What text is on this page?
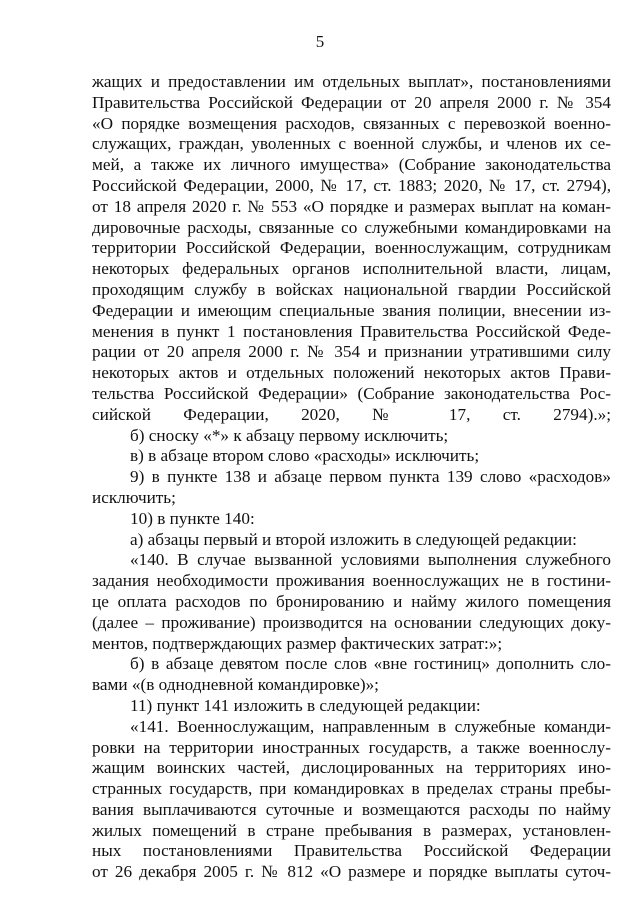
5

жащих и предоставлении им отдельных выплат», постановлениями
Правительства Российской Федерации от 20 апреля 2000 г. № 354
«О порядке возмещения расходов, связанных с перевозкой военно-
служащих, граждан, уволенных с военной службы, и членов их се-
мей, а также их личного имущества» (Собрание законодательства
Российской Федерации, 2000, № 17, ст. 1883; 2020, № 17, ст. 2794),
от 18 апреля 2020 г. № 553 «О порядке и размерах выплат на коман-
дировочные расходы, связанные со служебными командировками на
территории Российской Федерации, военнослужащим, сотрудникам
некоторых федеральных органов исполнительной власти, лицам,
проходящим службу в войсках национальной гвардии Российской
Федерации и имеющим специальные звания полиции, внесении из-
менения в пункт 1 постановления Правительства Российской Феде-
рации от 20 апреля 2000 г. № 354 и признании утратившими силу
некоторых актов и отдельных положений некоторых актов Прави-
тельства Российской Федерации» (Собрание законодательства Рос-
сийской Федерации, 2020, № 17, ст. 2794).»;

б) сноску «*» к абзацу первому исключить;

в) в абзаце втором слово «расходы» исключить;

9) в пункте 138 и абзаце первом пункта 139 слово «расходов»
исключить;

10) в пункте 140:

а) абзацы первый и второй изложить в следующей редакции:

«140. В случае вызванной условиями выполнения служебного
задания необходимости проживания военнослужащих не в гостини-
це оплата расходов по бронированию и найму жилого помещения
(далее – проживание) производится на основании следующих доку-
ментов, подтверждающих размер фактических затрат:»;

б) в абзаце девятом после слов «вне гостиниц» дополнить сло-
вами «(в однодневной командировке)»;

11) пункт 141 изложить в следующей редакции:

«141. Военнослужащим, направленным в служебные команди-
ровки на территории иностранных государств, а также военнослу-
жащим воинских частей, дислоцированных на территориях ино-
странных государств, при командировках в пределах страны пребы-
вания выплачиваются суточные и возмещаются расходы по найму
жилых помещений в стране пребывания в размерах, установлен-
ных постановлениями Правительства Российской Федерации
от 26 декабря 2005 г. № 812 «О размере и порядке выплаты суточ-
